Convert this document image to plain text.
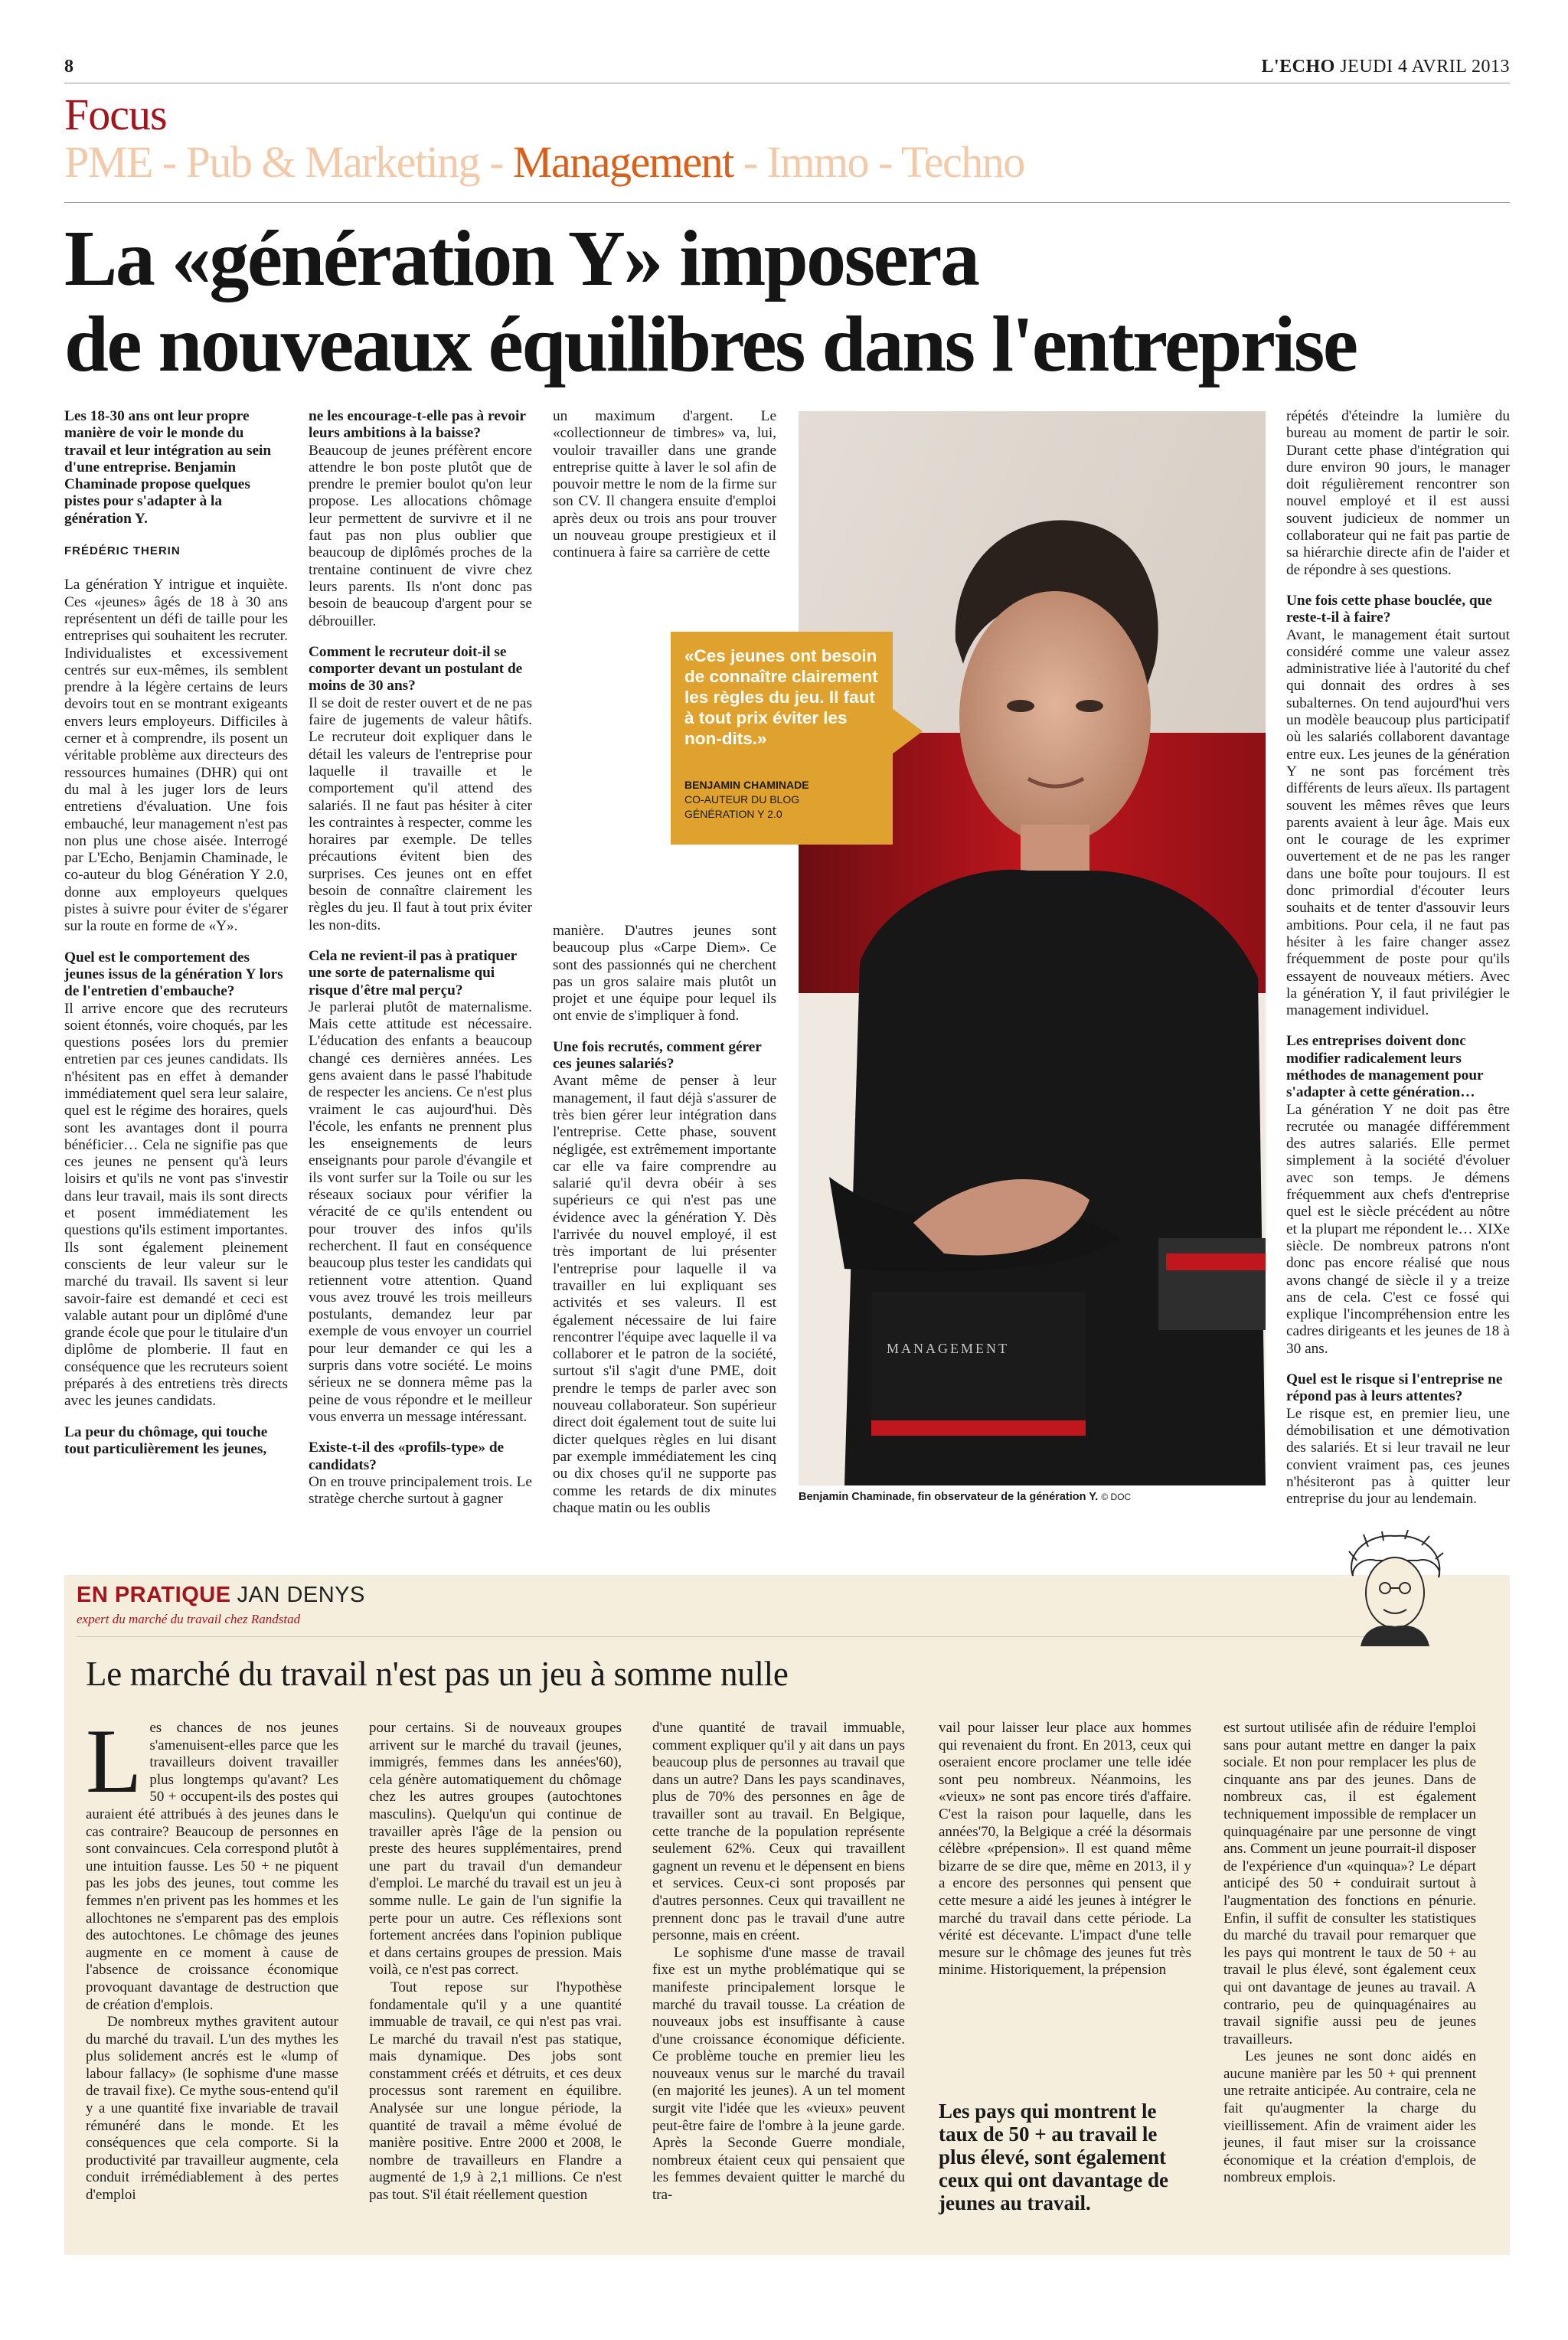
8	L'ECHO JEUDI 4 AVRIL 2013
Focus
PME - Pub & Marketing - Management - Immo - Techno
La «génération Y» imposera
de nouveaux équilibres dans l'entreprise

Les 18-30 ans ont leur propre manière de voir le monde du travail et leur intégration au sein d'une entreprise. Benjamin Chaminade propose quelques pistes pour s'adapter à la génération Y.

FRÉDÉRIC THERIN

La génération Y intrigue et inquiète. Ces «jeunes» âgés de 18 à 30 ans représentent un défi de taille pour les entreprises qui souhaitent les recruter. Individualistes et excessivement centrés sur eux-mêmes, ils semblent prendre à la légère certains de leurs devoirs tout en se montrant exigeants envers leurs employeurs. Difficiles à cerner et à comprendre, ils posent un véritable problème aux directeurs des ressources humaines (DHR) qui ont du mal à les juger lors de leurs entretiens d'évaluation. Une fois embauché, leur management n'est pas non plus une chose aisée. Interrogé par L'Echo, Benjamin Chaminade, le co-auteur du blog Génération Y 2.0, donne aux employeurs quelques pistes à suivre pour éviter de s'égarer sur la route en forme de «Y».

Quel est le comportement des jeunes issus de la génération Y lors de l'entretien d'embauche?

Il arrive encore que des recruteurs soient étonnés, voire choqués, par les questions posées lors du premier entretien par ces jeunes candidats. Ils n'hésitent pas en effet à demander immédiatement quel sera leur salaire, quel est le régime des horaires, quels sont les avantages dont il pourra bénéficier… Cela ne signifie pas que ces jeunes ne pensent qu'à leurs loisirs et qu'ils ne vont pas s'investir dans leur travail, mais ils sont directs et posent immédiatement les questions qu'ils estiment importantes. Ils sont également pleinement conscients de leur valeur sur le marché du travail. Ils savent si leur savoir-faire est demandé et ceci est valable autant pour un diplômé d'une grande école que pour le titulaire d'un diplôme de plomberie. Il faut en conséquence que les recruteurs soient préparés à des entretiens très directs avec les jeunes candidats.

La peur du chômage, qui touche tout particulièrement les jeunes,
ne les encourage-t-elle pas à revoir leurs ambitions à la baisse?

Beaucoup de jeunes préfèrent encore attendre le bon poste plutôt que de prendre le premier boulot qu'on leur propose. Les allocations chômage leur permettent de survivre et il ne faut pas non plus oublier que beaucoup de diplômés proches de la trentaine continuent de vivre chez leurs parents. Ils n'ont donc pas besoin de beaucoup d'argent pour se débrouiller.

Comment le recruteur doit-il se comporter devant un postulant de moins de 30 ans?

Il se doit de rester ouvert et de ne pas faire de jugements de valeur hâtifs. Le recruteur doit expliquer dans le détail les valeurs de l'entreprise pour laquelle il travaille et le comportement qu'il attend des salariés. Il ne faut pas hésiter à citer les contraintes à respecter, comme les horaires par exemple. De telles précautions évitent bien des surprises. Ces jeunes ont en effet besoin de connaître clairement les règles du jeu. Il faut à tout prix éviter les non-dits.

Cela ne revient-il pas à pratiquer une sorte de paternalisme qui risque d'être mal perçu?

Je parlerai plutôt de maternalisme. Mais cette attitude est nécessaire. L'éducation des enfants a beaucoup changé ces dernières années. Les gens avaient dans le passé l'habitude de respecter les anciens. Ce n'est plus vraiment le cas aujourd'hui. Dès l'école, les enfants ne prennent plus les enseignements de leurs enseignants pour parole d'évangile et ils vont surfer sur la Toile ou sur les réseaux sociaux pour vérifier la véracité de ce qu'ils entendent ou pour trouver des infos qu'ils recherchent. Il faut en conséquence beaucoup plus tester les candidats qui retiennent votre attention. Quand vous avez trouvé les trois meilleurs postulants, demandez leur par exemple de vous envoyer un courriel pour leur demander ce qui les a surpris dans votre société. Le moins sérieux ne se donnera même pas la peine de vous répondre et le meilleur vous enverra un message intéressant.

Existe-t-il des «profils-type» de candidats?

On en trouve principalement trois. Le stratège cherche surtout à gagner

un maximum d'argent. Le «collectionneur de timbres» va, lui, vouloir travailler dans une grande entreprise quitte à laver le sol afin de pouvoir mettre le nom de la firme sur son CV. Il changera ensuite d'emploi après deux ou trois ans pour trouver un nouveau groupe prestigieux et il continuera à faire sa carrière de cette

manière. D'autres jeunes sont beaucoup plus «Carpe Diem». Ce sont des passionnés qui ne cherchent pas un gros salaire mais plutôt un projet et une équipe pour lequel ils ont envie de s'impliquer à fond.

Une fois recrutés, comment gérer ces jeunes salariés?

Avant même de penser à leur management, il faut déjà s'assurer de très bien gérer leur intégration dans l'entreprise. Cette phase, souvent négligée, est extrêmement importante car elle va faire comprendre au salarié qu'il devra obéir à ses supérieurs ce qui n'est pas une évidence avec la génération Y. Dès l'arrivée du nouvel employé, il est très important de lui présenter l'entreprise pour laquelle il va travailler en lui expliquant ses activités et ses valeurs. Il est également nécessaire de lui faire rencontrer l'équipe avec laquelle il va collaborer et le patron de la société, surtout s'il s'agit d'une PME, doit prendre le temps de parler avec son nouveau collaborateur. Son supérieur direct doit également tout de suite lui dicter quelques règles en lui disant par exemple immédiatement les cinq ou dix choses qu'il ne supporte pas comme les retards de dix minutes chaque matin ou les oublis

répétés d'éteindre la lumière du bureau au moment de partir le soir. Durant cette phase d'intégration qui dure environ 90 jours, le manager doit régulièrement rencontrer son nouvel employé et il est aussi souvent judicieux de nommer un collaborateur qui ne fait pas partie de sa hiérarchie directe afin de l'aider et de répondre à ses questions.

Une fois cette phase bouclée, que reste-t-il à faire?

Avant, le management était surtout considéré comme une valeur assez administrative liée à l'autorité du chef qui donnait des ordres à ses subalternes. On tend aujourd'hui vers un modèle beaucoup plus participatif où les salariés collaborent davantage entre eux. Les jeunes de la génération Y ne sont pas forcément très différents de leurs aïeux. Ils partagent souvent les mêmes rêves que leurs parents avaient à leur âge. Mais eux ont le courage de les exprimer ouvertement et de ne pas les ranger dans une boîte pour toujours. Il est donc primordial d'écouter leurs souhaits et de tenter d'assouvir leurs ambitions. Pour cela, il ne faut pas hésiter à les faire changer assez fréquemment de poste pour qu'ils essayent de nouveaux métiers. Avec la génération Y, il faut privilégier le management individuel.

Les entreprises doivent donc modifier radicalement leurs méthodes de management pour s'adapter à cette génération…

La génération Y ne doit pas être recrutée ou managée différemment des autres salariés. Elle permet simplement à la société d'évoluer avec son temps. Je démens fréquemment aux chefs d'entreprise quel est le siècle précédent au nôtre et la plupart me répondent le… XIXe siècle. De nombreux patrons n'ont donc pas encore réalisé que nous avons changé de siècle il y a treize ans de cela. C'est ce fossé qui explique l'incompréhension entre les cadres dirigeants et les jeunes de 18 à 30 ans.

Quel est le risque si l'entreprise ne répond pas à leurs attentes?

Le risque est, en premier lieu, une démobilisation et une démotivation des salariés. Et si leur travail ne leur convient vraiment pas, ces jeunes n'hésiteront pas à quitter leur entreprise du jour au lendemain.

MANAGEMENT
Benjamin Chaminade, fin observateur de la génération Y. © DOC
«Ces jeunes ont besoin de connaître clairement les règles du jeu. Il faut à tout prix éviter les non-dits.»
BENJAMIN CHAMINADE
CO-AUTEUR DU BLOG
GÉNÉRATION Y 2.0
EN PRATIQUE JAN DENYS
expert du marché du travail chez Randstad
Le marché du travail n'est pas un jeu à somme nulle
L es chances de nos jeunes s'amenuisent-elles parce que les travailleurs doivent travailler plus longtemps qu'avant? Les 50 + occupent-ils des postes qui auraient été attribués à des jeunes dans le cas contraire? Beaucoup de personnes en sont convaincues. Cela correspond plutôt à une intuition fausse. Les 50 + ne piquent pas les jobs des jeunes, tout comme les femmes n'en privent pas les hommes et les allochtones ne s'emparent pas des emplois des autochtones. Le chômage des jeunes augmente en ce moment à cause de l'absence de croissance économique provoquant davantage de destruction que de création d'emplois.

De nombreux mythes gravitent autour du marché du travail. L'un des mythes les plus solidement ancrés est le «lump of labour fallacy» (le sophisme d'une masse de travail fixe). Ce mythe sous-entend qu'il y a une quantité fixe invariable de travail rémunéré dans le monde. Et les conséquences que cela comporte. Si la productivité par travailleur augmente, cela conduit irrémédiablement à des pertes d'emploi

pour certains. Si de nouveaux groupes arrivent sur le marché du travail (jeunes, immigrés, femmes dans les années'60), cela génère automatiquement du chômage chez les autres groupes (autochtones masculins). Quelqu'un qui continue de travailler après l'âge de la pension ou preste des heures supplémentaires, prend une part du travail d'un demandeur d'emploi. Le marché du travail est un jeu à somme nulle. Le gain de l'un signifie la perte pour un autre. Ces réflexions sont fortement ancrées dans l'opinion publique et dans certains groupes de pression. Mais voilà, ce n'est pas correct.

Tout repose sur l'hypothèse fondamentale qu'il y a une quantité immuable de travail, ce qui n'est pas vrai. Le marché du travail n'est pas statique, mais dynamique. Des jobs sont constamment créés et détruits, et ces deux processus sont rarement en équilibre. Analysée sur une longue période, la quantité de travail a même évolué de manière positive. Entre 2000 et 2008, le nombre de travailleurs en Flandre a augmenté de 1,9 à 2,1 millions. Ce n'est pas tout. S'il était réellement question

d'une quantité de travail immuable, comment expliquer qu'il y ait dans un pays beaucoup plus de personnes au travail que dans un autre? Dans les pays scandinaves, plus de 70% des personnes en âge de travailler sont au travail. En Belgique, cette tranche de la population représente seulement 62%. Ceux qui travaillent gagnent un revenu et le dépensent en biens et services. Ceux-ci sont proposés par d'autres personnes. Ceux qui travaillent ne prennent donc pas le travail d'une autre personne, mais en créent.

Le sophisme d'une masse de travail fixe est un mythe problématique qui se manifeste principalement lorsque le marché du travail tousse. La création de nouveaux jobs est insuffisante à cause d'une croissance économique déficiente. Ce problème touche en premier lieu les nouveaux venus sur le marché du travail (en majorité les jeunes). A un tel moment surgit vite l'idée que les «vieux» peuvent peut-être faire de l'ombre à la jeune garde. Après la Seconde Guerre mondiale, nombreux étaient ceux qui pensaient que les femmes devaient quitter le marché du tra-

vail pour laisser leur place aux hommes qui revenaient du front. En 2013, ceux qui oseraient encore proclamer une telle idée sont peu nombreux. Néanmoins, les «vieux» ne sont pas encore tirés d'affaire. C'est la raison pour laquelle, dans les années'70, la Belgique a créé la désormais célèbre «prépension». Il est quand même bizarre de se dire que, même en 2013, il y a encore des personnes qui pensent que cette mesure a aidé les jeunes à intégrer le marché du travail dans cette période. La vérité est décevante. L'impact d'une telle mesure sur le chômage des jeunes fut très minime. Historiquement, la prépension

Les pays qui montrent le taux de 50 + au travail le plus élevé, sont également ceux qui ont davantage de jeunes au travail.

est surtout utilisée afin de réduire l'emploi sans pour autant mettre en danger la paix sociale. Et non pour remplacer les plus de cinquante ans par des jeunes. Dans de nombreux cas, il est également techniquement impossible de remplacer un quinquagénaire par une personne de vingt ans. Comment un jeune pourrait-il disposer de l'expérience d'un «quinqua»? Le départ anticipé des 50 + conduirait surtout à l'augmentation des fonctions en pénurie. Enfin, il suffit de consulter les statistiques du marché du travail pour remarquer que les pays qui montrent le taux de 50 + au travail le plus élevé, sont également ceux qui ont davantage de jeunes au travail. A contrario, peu de quinquagénaires au travail signifie aussi peu de jeunes travailleurs.

Les jeunes ne sont donc aidés en aucune manière par les 50 + qui prennent une retraite anticipée. Au contraire, cela ne fait qu'augmenter la charge du vieillissement. Afin de vraiment aider les jeunes, il faut miser sur la croissance économique et la création d'emplois, de nombreux emplois.
